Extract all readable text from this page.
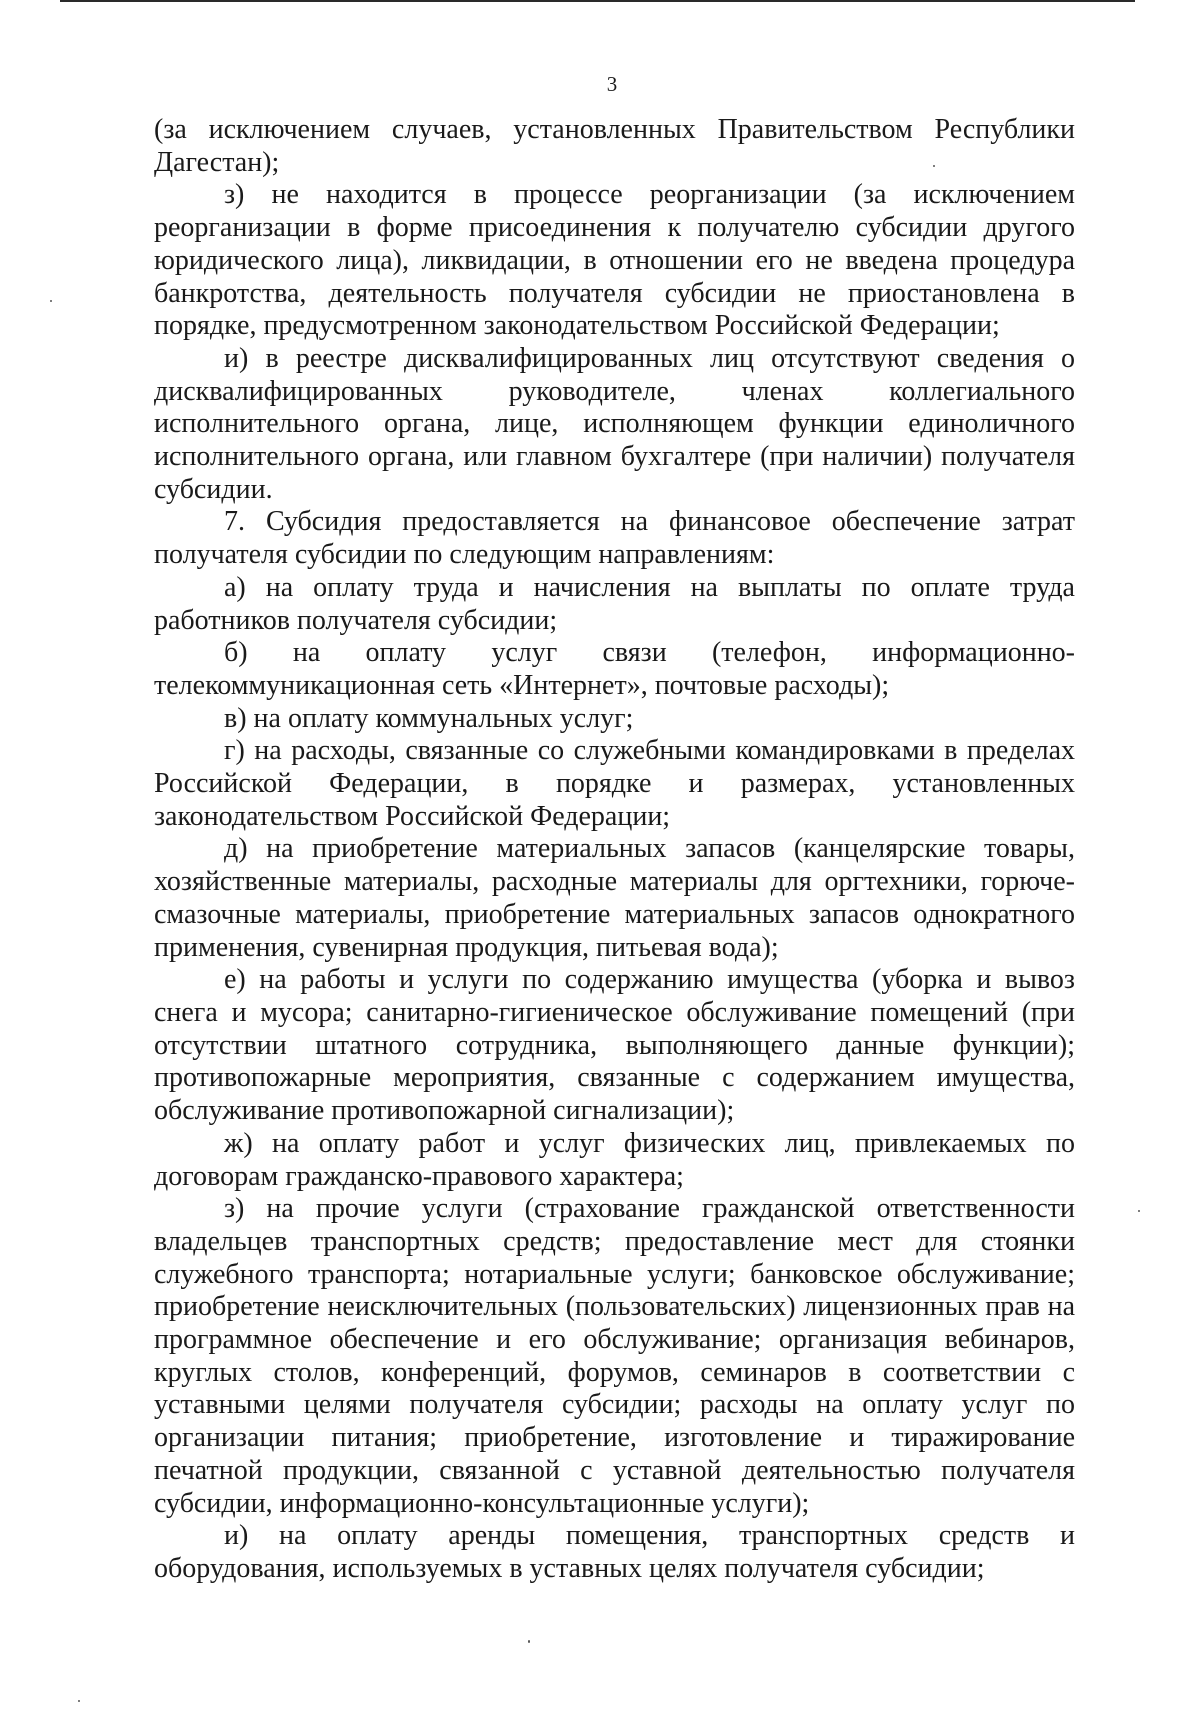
3

(за исключением случаев, установленных Правительством Республики Дагестан);

з) не находится в процессе реорганизации (за исключением реорганизации в форме присоединения к получателю субсидии другого юридического лица), ликвидации, в отношении его не введена процедура банкротства, деятельность получателя субсидии не приостановлена в порядке, предусмотренном законодательством Российской Федерации;

и) в реестре дисквалифицированных лиц отсутствуют сведения о дисквалифицированных руководителе, членах коллегиального исполнительного органа, лице, исполняющем функции единоличного исполнительного органа, или главном бухгалтере (при наличии) получателя субсидии.

7. Субсидия предоставляется на финансовое обеспечение затрат получателя субсидии по следующим направлениям:

а) на оплату труда и начисления на выплаты по оплате труда работников получателя субсидии;

б) на оплату услуг связи (телефон, информационно-телекоммуникационная сеть «Интернет», почтовые расходы);

в) на оплату коммунальных услуг;

г) на расходы, связанные со служебными командировками в пределах Российской Федерации, в порядке и размерах, установленных законодательством Российской Федерации;

д) на приобретение материальных запасов (канцелярские товары, хозяйственные материалы, расходные материалы для оргтехники, горюче-смазочные материалы, приобретение материальных запасов однократного применения, сувенирная продукция, питьевая вода);

е) на работы и услуги по содержанию имущества (уборка и вывоз снега и мусора; санитарно-гигиеническое обслуживание помещений (при отсутствии штатного сотрудника, выполняющего данные функции); противопожарные мероприятия, связанные с содержанием имущества, обслуживание противопожарной сигнализации);

ж) на оплату работ и услуг физических лиц, привлекаемых по договорам гражданско-правового характера;

з) на прочие услуги (страхование гражданской ответственности владельцев транспортных средств; предоставление мест для стоянки служебного транспорта; нотариальные услуги; банковское обслуживание; приобретение неисключительных (пользовательских) лицензионных прав на программное обеспечение и его обслуживание; организация вебинаров, круглых столов, конференций, форумов, семинаров в соответствии с уставными целями получателя субсидии; расходы на оплату услуг по организации питания; приобретение, изготовление и тиражирование печатной продукции, связанной с уставной деятельностью получателя субсидии, информационно-консультационные услуги);

и) на оплату аренды помещения, транспортных средств и оборудования, используемых в уставных целях получателя субсидии;
